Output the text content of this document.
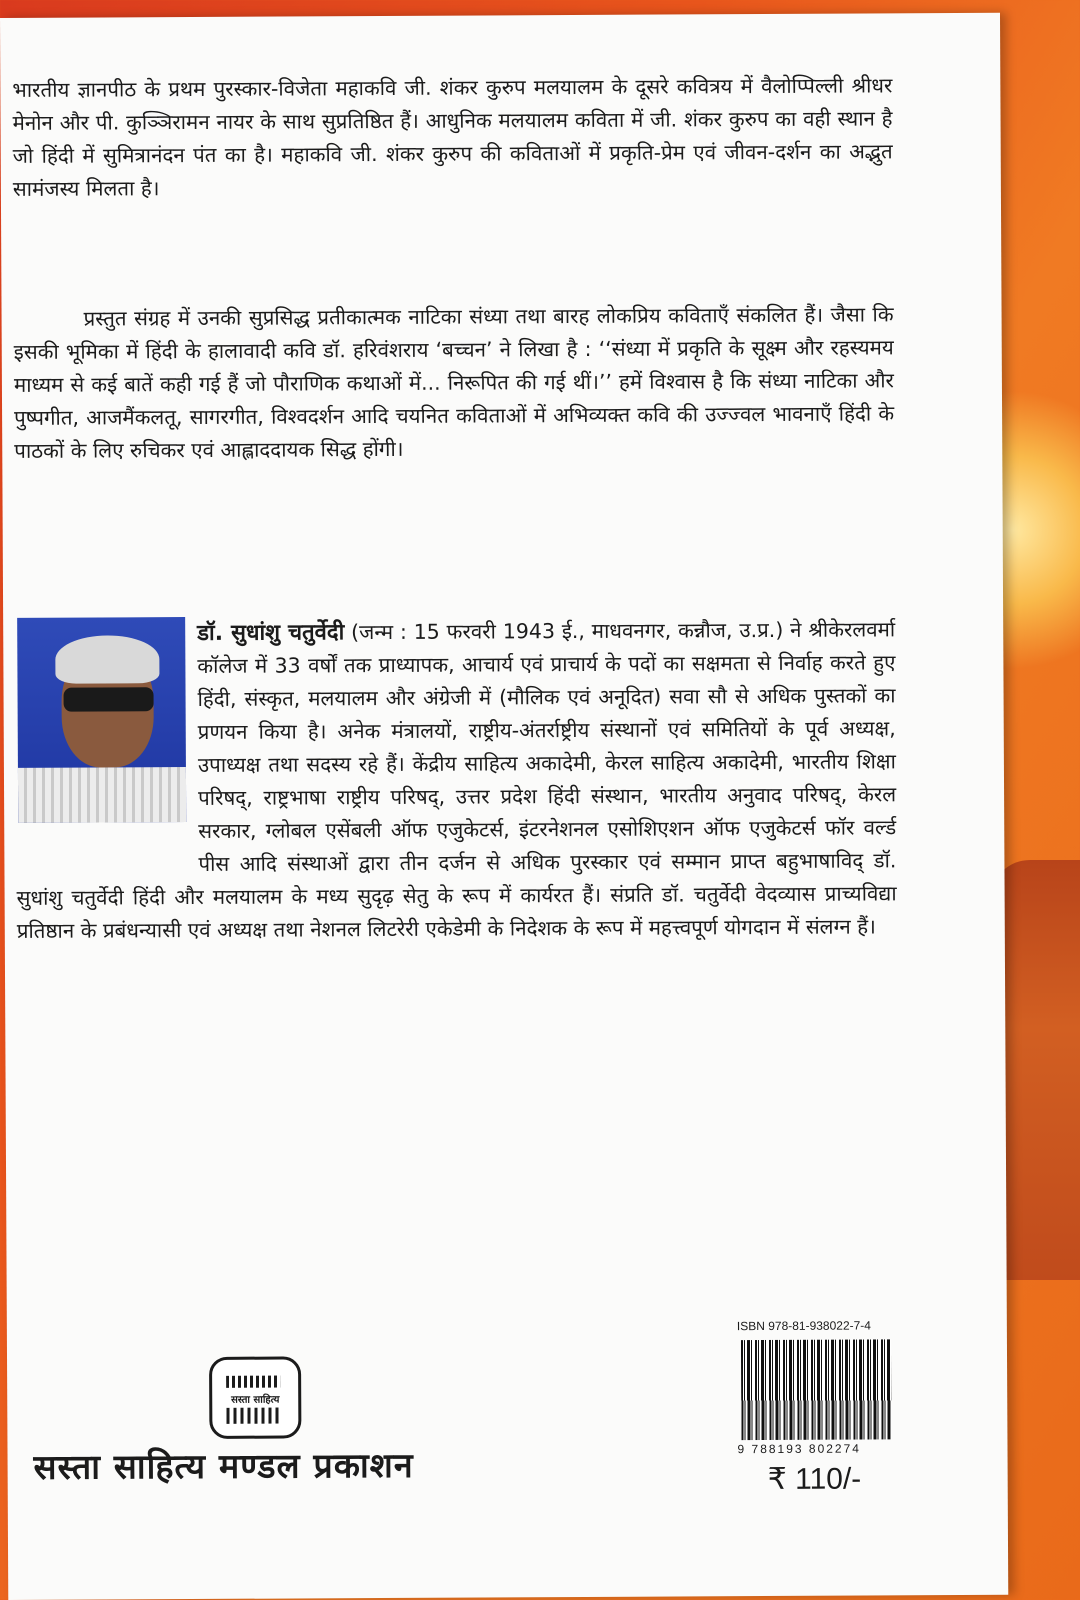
भारतीय ज्ञानपीठ के प्रथम पुरस्कार-विजेता महाकवि जी. शंकर कुरुप मलयालम के दूसरे कवित्रय में वैलोप्पिल्ली श्रीधर मेनोन और पी. कुञ्ञिरामन नायर के साथ सुप्रतिष्ठित हैं। आधुनिक मलयालम कविता में जी. शंकर कुरुप का वही स्थान है जो हिंदी में सुमित्रानंदन पंत का है। महाकवि जी. शंकर कुरुप की कविताओं में प्रकृति-प्रेम एवं जीवन-दर्शन का अद्भुत सामंजस्य मिलता है।

प्रस्तुत संग्रह में उनकी सुप्रसिद्ध प्रतीकात्मक नाटिका संध्या तथा बारह लोकप्रिय कविताएँ संकलित हैं। जैसा कि इसकी भूमिका में हिंदी के हालावादी कवि डॉ. हरिवंशराय ‘बच्चन’ ने लिखा है : ‘‘संध्या में प्रकृति के सूक्ष्म और रहस्यमय माध्यम से कई बातें कही गई हैं जो पौराणिक कथाओं में... निरूपित की गई थीं।’’ हमें विश्वास है कि संध्या नाटिका और पुष्पगीत, आजमैंकलतू, सागरगीत, विश्वदर्शन आदि चयनित कविताओं में अभिव्यक्त कवि की उज्ज्वल भावनाएँ हिंदी के पाठकों के लिए रुचिकर एवं आह्लाददायक सिद्ध होंगी।

डॉ. सुधांशु चतुर्वेदी (जन्म : 15 फरवरी 1943 ई., माधवनगर, कन्नौज, उ.प्र.) ने श्रीकेरलवर्मा कॉलेज में 33 वर्षों तक प्राध्यापक, आचार्य एवं प्राचार्य के पदों का सक्षमता से निर्वाह करते हुए हिंदी, संस्कृत, मलयालम और अंग्रेजी में (मौलिक एवं अनूदित) सवा सौ से अधिक पुस्तकों का प्रणयन किया है। अनेक मंत्रालयों, राष्ट्रीय-अंतर्राष्ट्रीय संस्थानों एवं समितियों के पूर्व अध्यक्ष, उपाध्यक्ष तथा सदस्य रहे हैं। केंद्रीय साहित्य अकादेमी, केरल साहित्य अकादेमी, भारतीय शिक्षा परिषद्, राष्ट्रभाषा राष्ट्रीय परिषद्, उत्तर प्रदेश हिंदी संस्थान, भारतीय अनुवाद परिषद्, केरल सरकार, ग्लोबल एसेंबली ऑफ एजुकेटर्स, इंटरनेशनल एसोशिएशन ऑफ एजुकेटर्स फॉर वर्ल्ड पीस आदि संस्थाओं द्वारा तीन दर्जन से अधिक पुरस्कार एवं सम्मान प्राप्त बहुभाषाविद् डॉ. सुधांशु चतुर्वेदी हिंदी और मलयालम के मध्य सुदृढ़ सेतु के रूप में कार्यरत हैं। संप्रति डॉ. चतुर्वेदी वेदव्यास प्राच्यविद्या प्रतिष्ठान के प्रबंधन्यासी एवं अध्यक्ष तथा नेशनल लिटरेरी एकेडेमी के निदेशक के रूप में महत्त्वपूर्ण योगदान में संलग्न हैं।

सस्ता साहित्य
सस्ता साहित्य मण्डल प्रकाशन
ISBN 978-81-938022-7-4
9 788193 802274
₹ 110/-
